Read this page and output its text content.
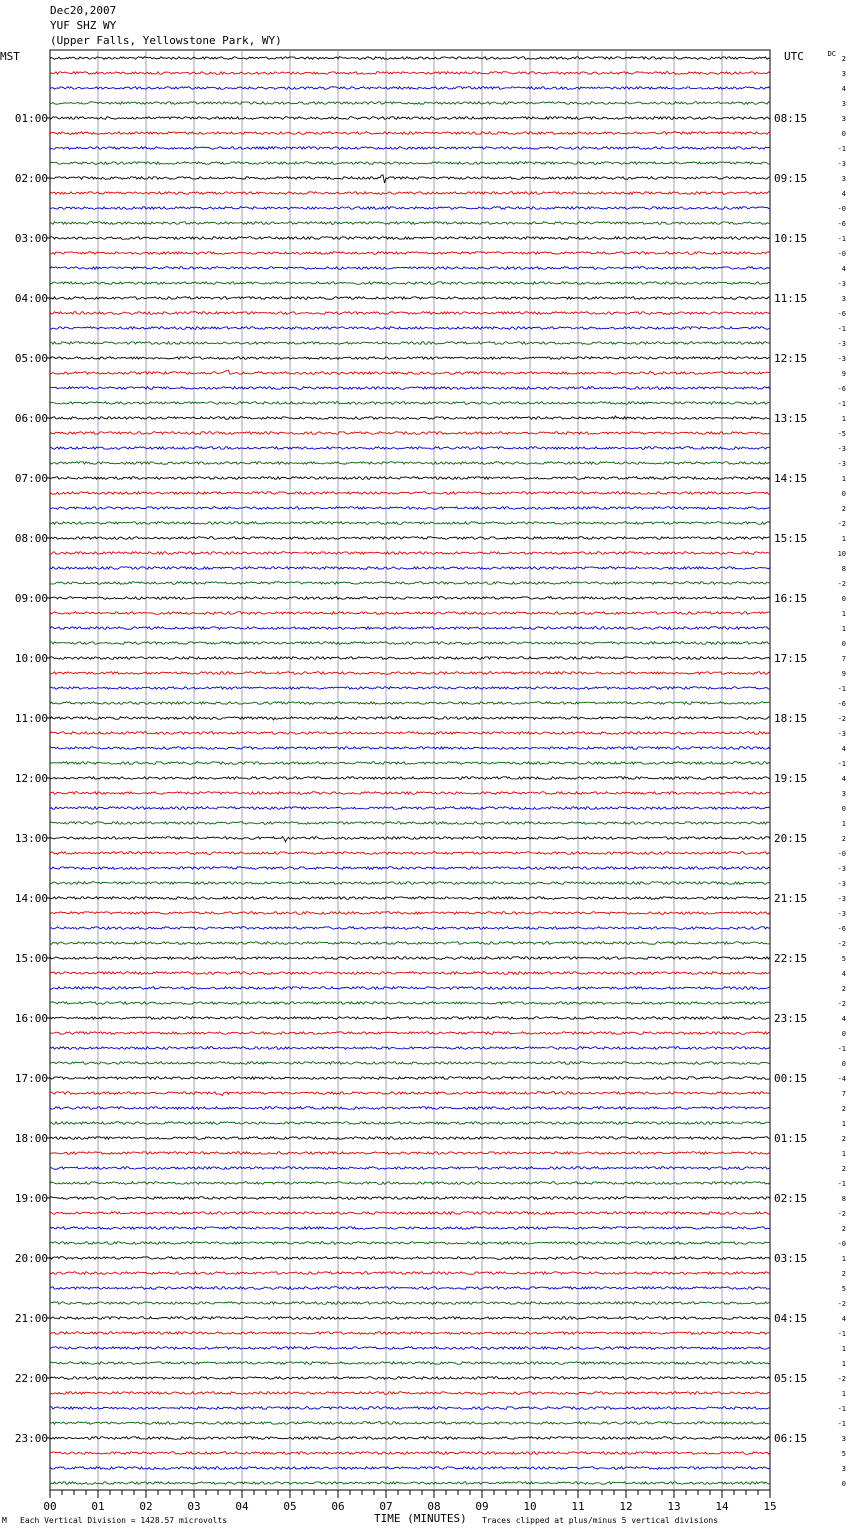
Dec20,2007
YUF SHZ WY
(Upper Falls, Yellowstone Park, WY)
MST	UTC	2
3
4
3
3
0
-1
-3
3
4
-0
-6
-1
-0
4
-3
3
-6
-1
-3
-3
9
-6
-1
1
-5
-3
-3
1
0
2
-2
1
10
8
-2
0
1
1
0
7
9
-1
-6
-2
-3
4
-1
4
3
0
1
2
-0
-3
-3
-3
-3
-6
-2
5
4
2
-2
4
0
-1
0
-4
7
2
1
2
1
2
-1
8
-2
2
-0
1
2
5
-2
4
-1
1
1
-2
1
-1
-1
3
5
3
0
DC
01:00
02:00
03:00
04:00
05:00
06:00
07:00
08:00
09:00
10:00
11:00
12:00
13:00
14:00
15:00
16:00
17:00
18:00
19:00
20:00
21:00
22:00
23:00
08:15
09:15
10:15
11:15
12:15
13:15
14:15
15:15
16:15
17:15
18:15
19:15
20:15
21:15
22:15
23:15
00:15
01:15
02:15
03:15
04:15
05:15
06:15
00	01	02	03	04	05	06	07	08	09	10	11	12	13	14	15
M Each Vertical Division = 1428.57 microvolts	TIME (MINUTES) Traces clipped at plus/minus 5 vertical divisions
